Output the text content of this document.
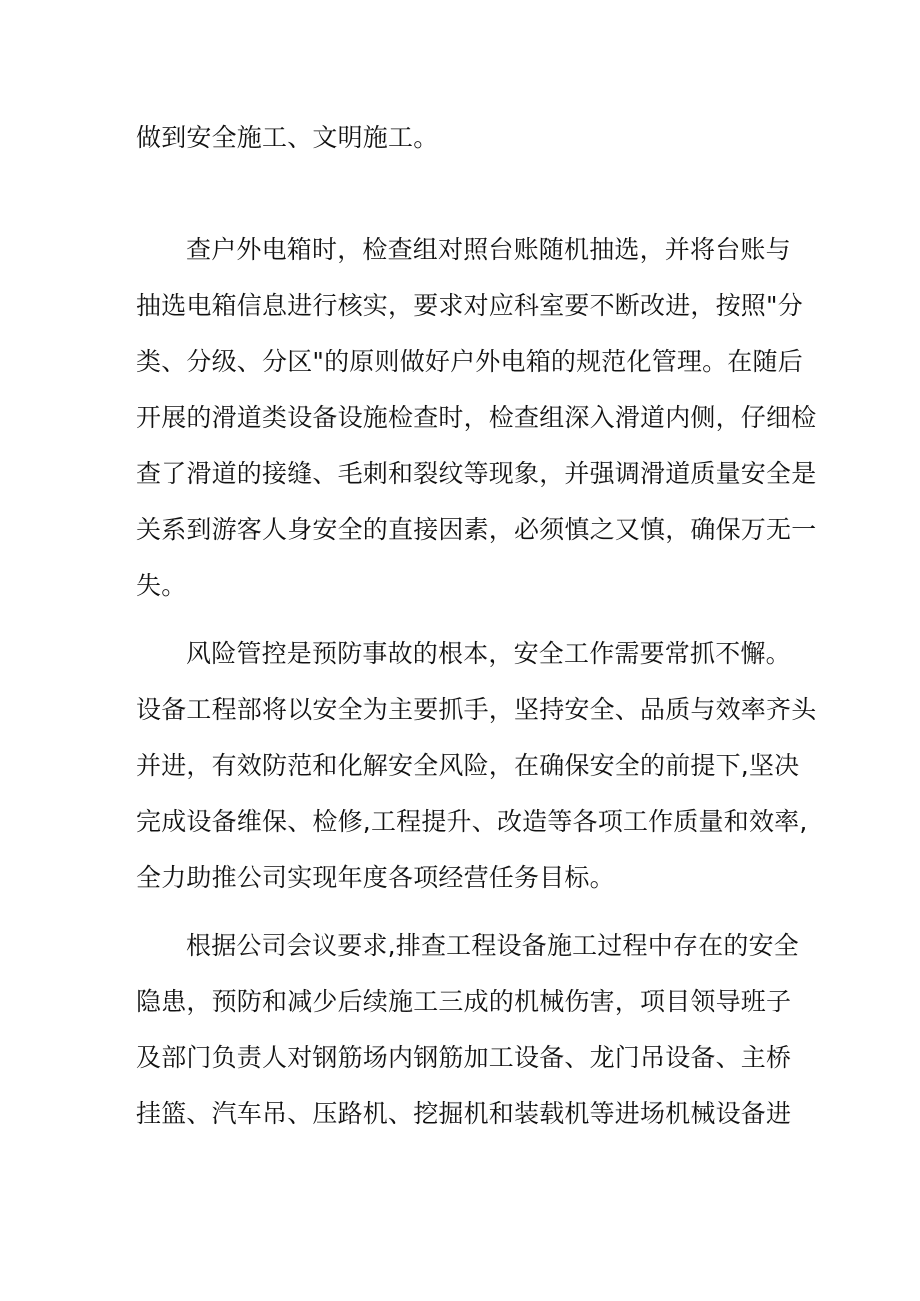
做到安全施工、文明施工。
查户外电箱时，检查组对照台账随机抽选，并将台账与
抽选电箱信息进行核实，要求对应科室要不断改进，按照"分
类、分级、分区"的原则做好户外电箱的规范化管理。在随后
开展的滑道类设备设施检查时，检查组深入滑道内侧，仔细检
查了滑道的接缝、毛刺和裂纹等现象，并强调滑道质量安全是
关系到游客人身安全的直接因素，必须慎之又慎，确保万无一
失。
风险管控是预防事故的根本，安全工作需要常抓不懈。
设备工程部将以安全为主要抓手，坚持安全、品质与效率齐头
并进，有效防范和化解安全风险，在确保安全的前提下,坚决
完成设备维保、检修,工程提升、改造等各项工作质量和效率,
全力助推公司实现年度各项经营任务目标。
根据公司会议要求,排查工程设备施工过程中存在的安全
隐患，预防和减少后续施工三成的机械伤害，项目领导班子
及部门负责人对钢筋场内钢筋加工设备、龙门吊设备、主桥
挂篮、汽车吊、压路机、挖掘机和装载机等进场机械设备进
